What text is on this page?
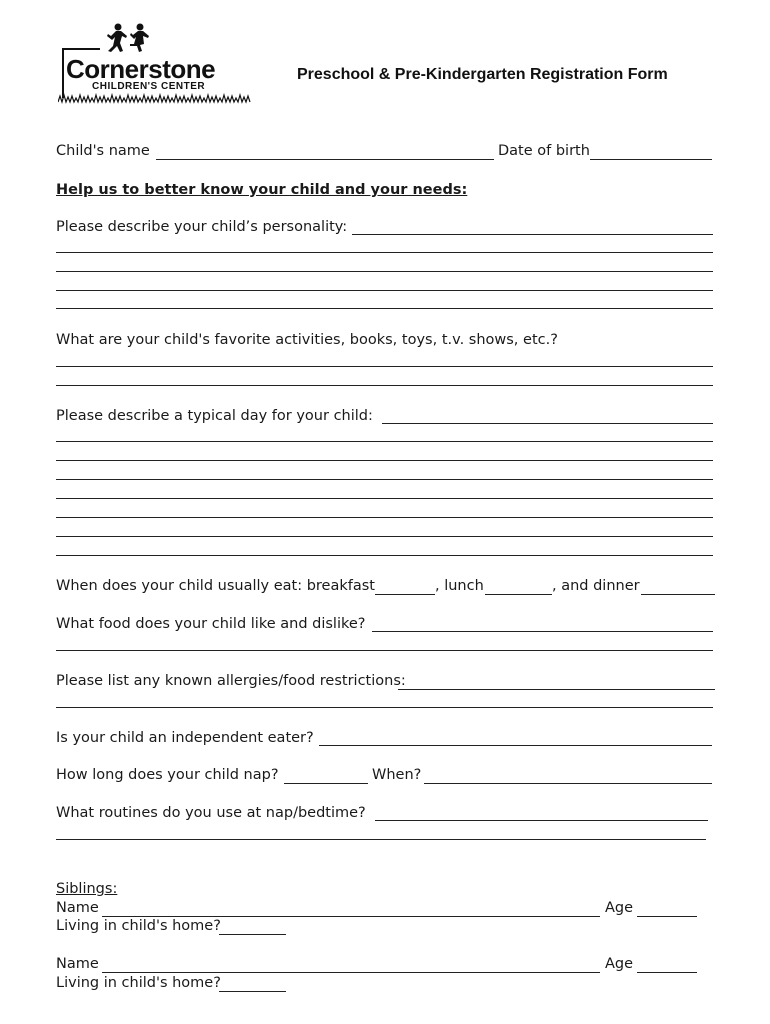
Cornerstone
CHILDREN'S CENTER
Preschool & Pre-Kindergarten Registration Form
Child's name	Date of birth
Help us to better know your child and your needs:
Please describe your child’s personality:
What are your child's favorite activities, books, toys, t.v. shows, etc.?
Please describe a typical day for your child:
When does your child usually eat: breakfast	, lunch	, and dinner
What food does your child like and dislike?
Please list any known allergies/food restrictions:
Is your child an independent eater?
How long does your child nap?	When?
What routines do you use at nap/bedtime?
Siblings:
Name	Age
Living in child's home?
Name	Age
Living in child's home?
